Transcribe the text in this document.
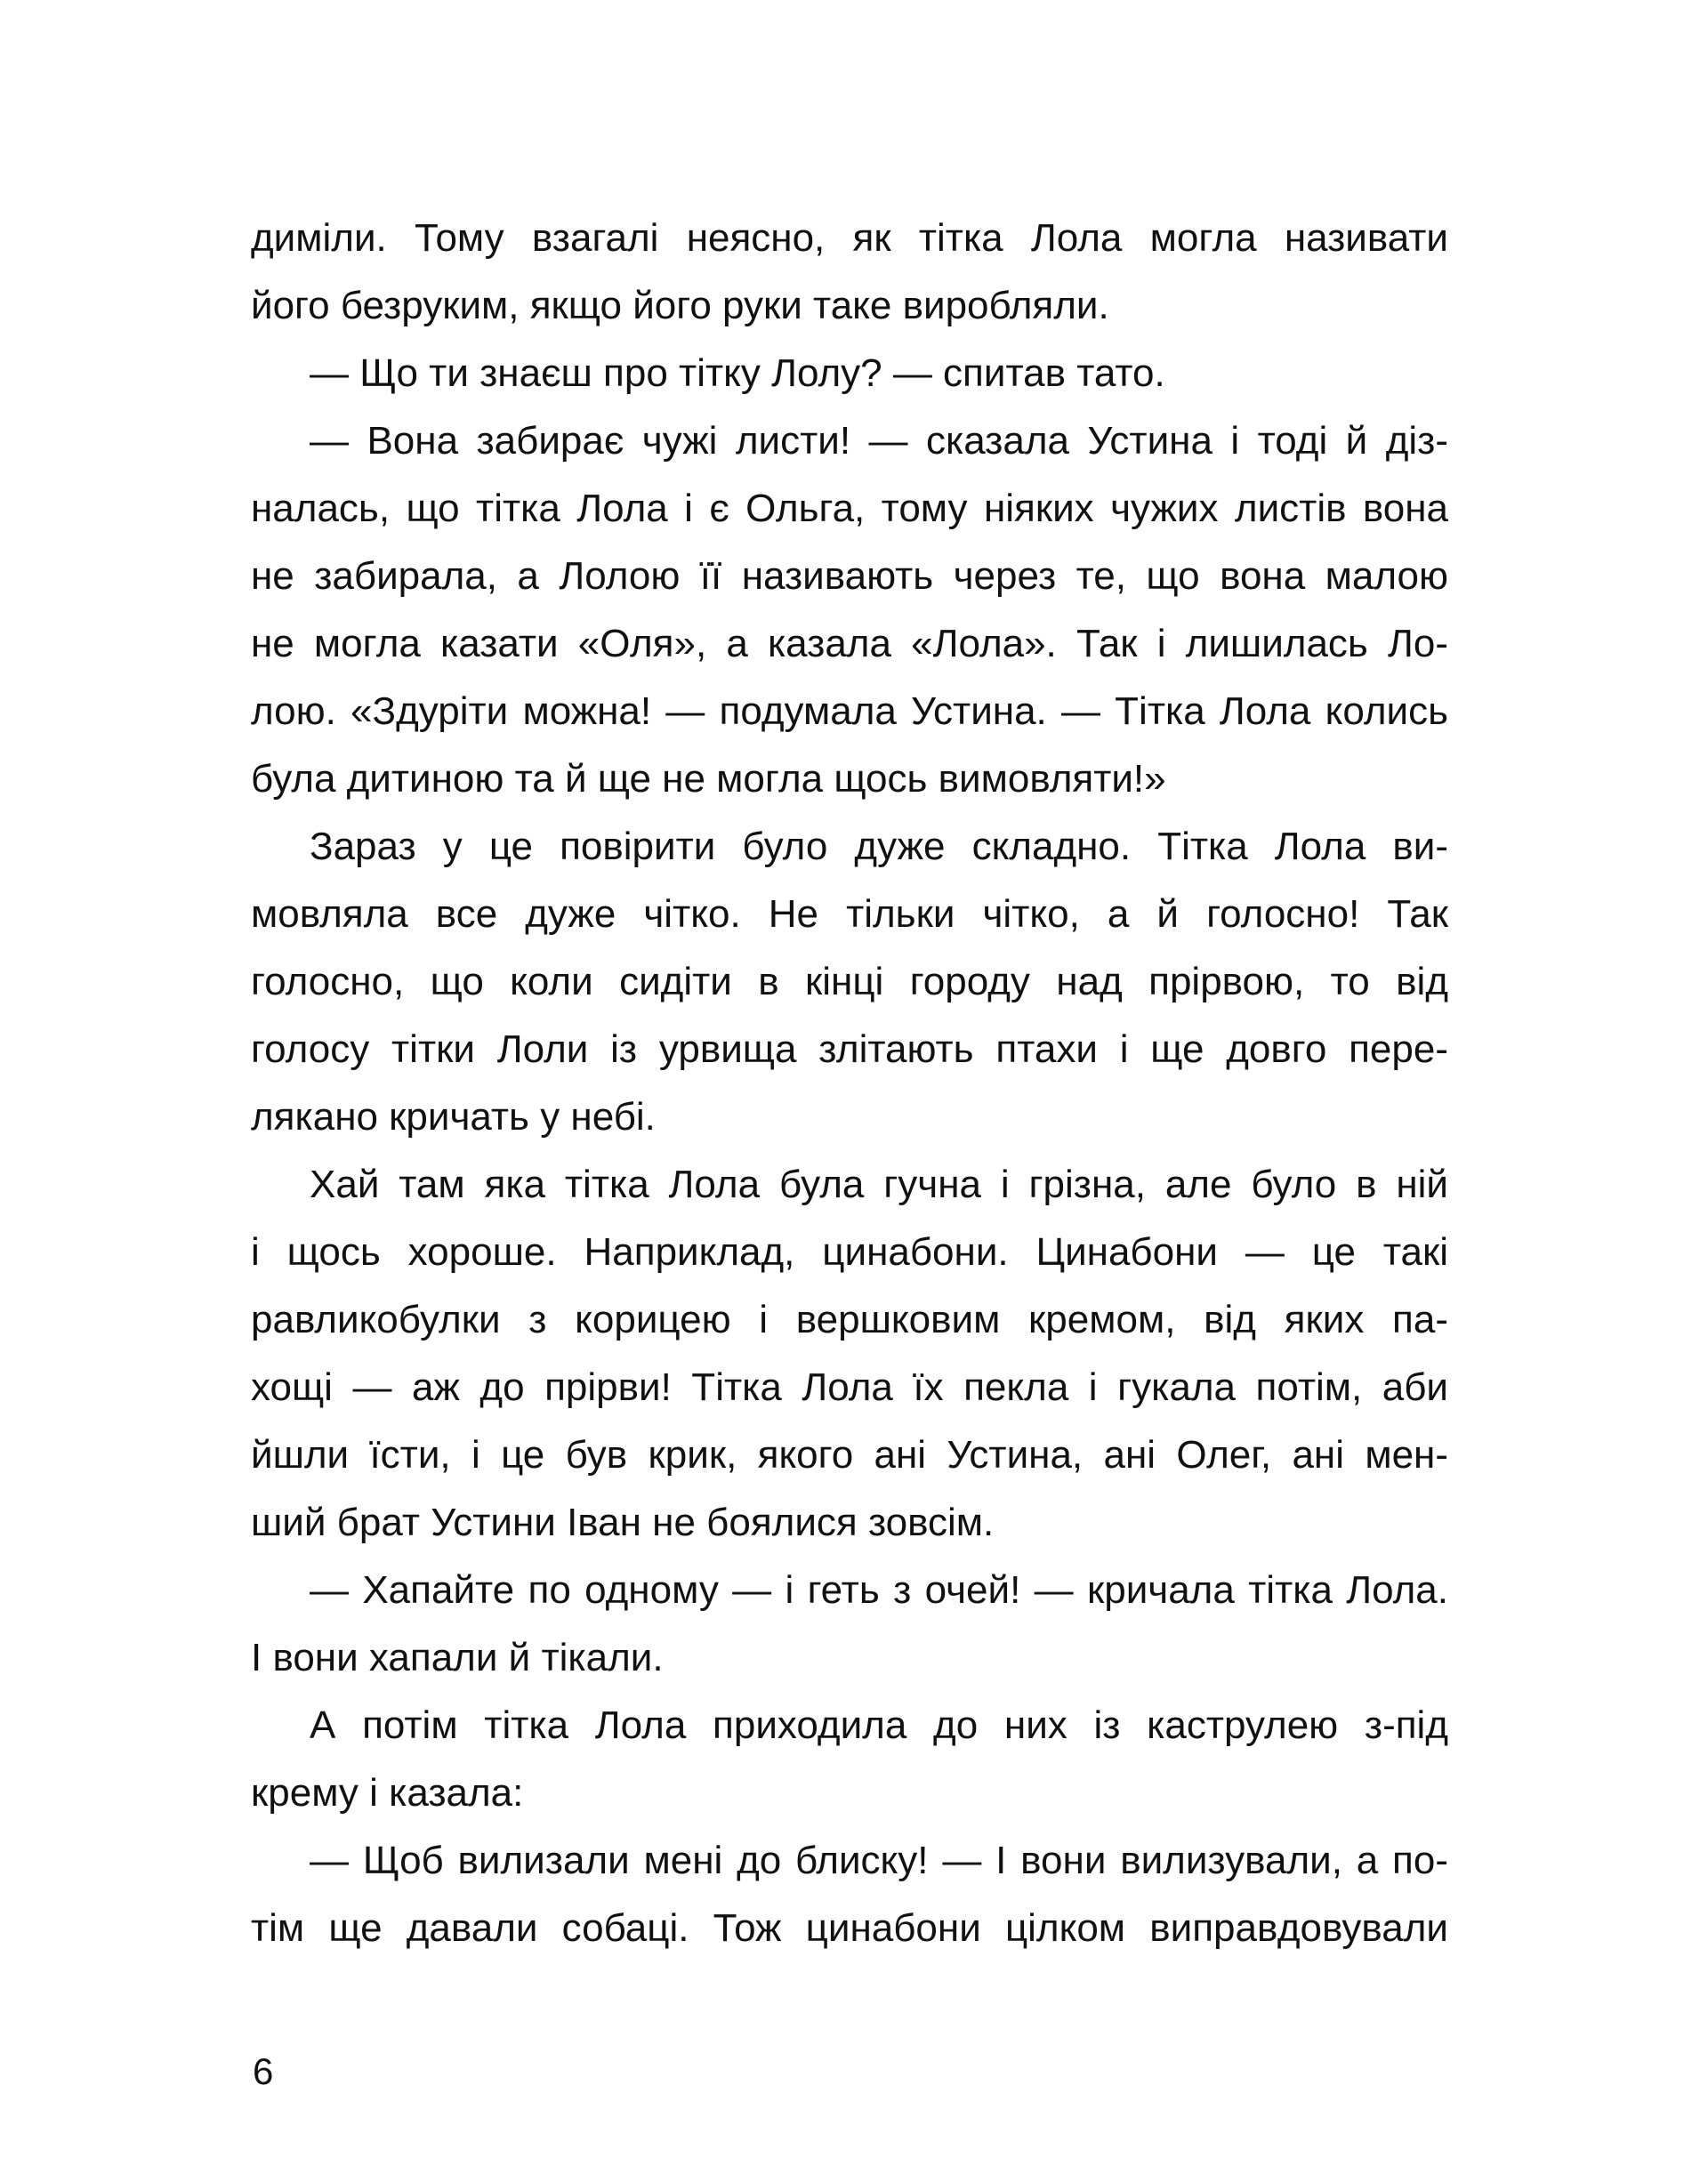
диміли. Тому взагалі неясно, як тітка Лола могла називати

його безруким, якщо його руки таке виробляли.

— Що ти знаєш про тітку Лолу? — спитав тато.

— Вона забирає чужі листи! — сказала Устина і тоді й діз-

налась, що тітка Лола і є Ольга, тому ніяких чужих листів вона

не забирала, а Лолою її називають через те, що вона малою

не могла казати «Оля», а казала «Лола». Так і лишилась Ло-

лою. «Здуріти можна! — подумала Устина. — Тітка Лола колись

була дитиною та й ще не могла щось вимовляти!»

Зараз у це повірити було дуже складно. Тітка Лола ви-

мовляла все дуже чітко. Не тільки чітко, а й голосно! Так

голосно, що коли сидіти в кінці городу над прірвою, то від

голосу тітки Лоли із урвища злітають птахи і ще довго пере-

лякано кричать у небі.

Хай там яка тітка Лола була гучна і грізна, але було в ній

і щось хороше. Наприклад, цинабони. Цинабони — це такі

равликобулки з корицею і вершковим кремом, від яких па-

хощі — аж до прірви! Тітка Лола їх пекла і гукала потім, аби

йшли їсти, і це був крик, якого ані Устина, ані Олег, ані мен-

ший брат Устини Іван не боялися зовсім.

— Хапайте по одному — і геть з очей! — кричала тітка Лола.

І вони хапали й тікали.

А потім тітка Лола приходила до них із каструлею з-під

крему і казала:

— Щоб вилизали мені до блиску! — І вони вилизували, а по-

тім ще давали собаці. Тож цинабони цілком виправдовували

6
